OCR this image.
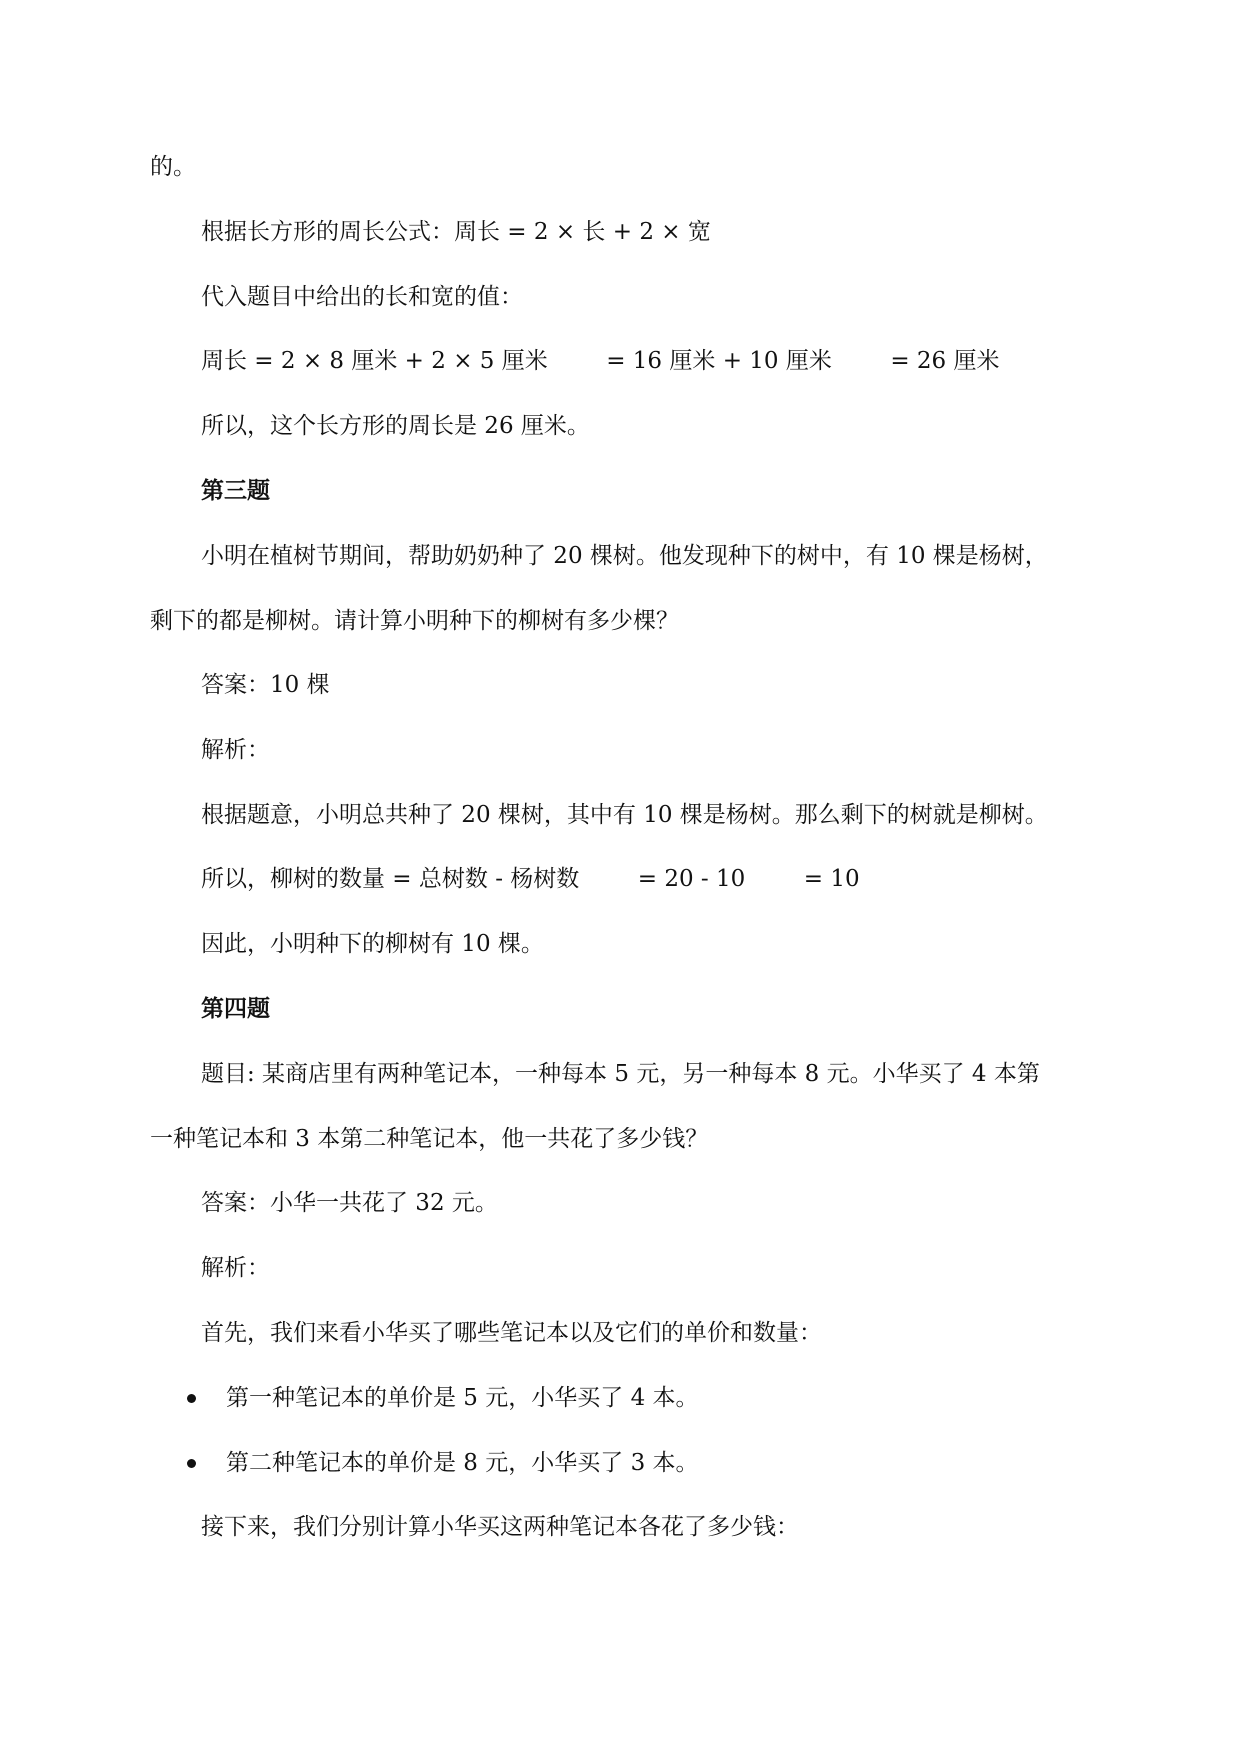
的。
根据长方形的周长公式：周长 = 2 × 长 + 2 × 宽
代入题目中给出的长和宽的值：
周长 = 2 × 8 厘米 + 2 × 5 厘米        = 16 厘米 + 10 厘米        = 26 厘米
所以，这个长方形的周长是 26 厘米。
第三题
小明在植树节期间，帮助奶奶种了 20 棵树。他发现种下的树中，有 10 棵是杨树，
剩下的都是柳树。请计算小明种下的柳树有多少棵？
答案：10 棵
解析：
根据题意，小明总共种了 20 棵树，其中有 10 棵是杨树。那么剩下的树就是柳树。
所以，柳树的数量 = 总树数 - 杨树数        = 20 - 10        = 10
因此，小明种下的柳树有 10 棵。
第四题
题目: 某商店里有两种笔记本，一种每本 5 元，另一种每本 8 元。小华买了 4 本第
一种笔记本和 3 本第二种笔记本，他一共花了多少钱？
答案：小华一共花了 32 元。
解析：
首先，我们来看小华买了哪些笔记本以及它们的单价和数量：
第一种笔记本的单价是 5 元，小华买了 4 本。
第二种笔记本的单价是 8 元，小华买了 3 本。
接下来，我们分别计算小华买这两种笔记本各花了多少钱：
